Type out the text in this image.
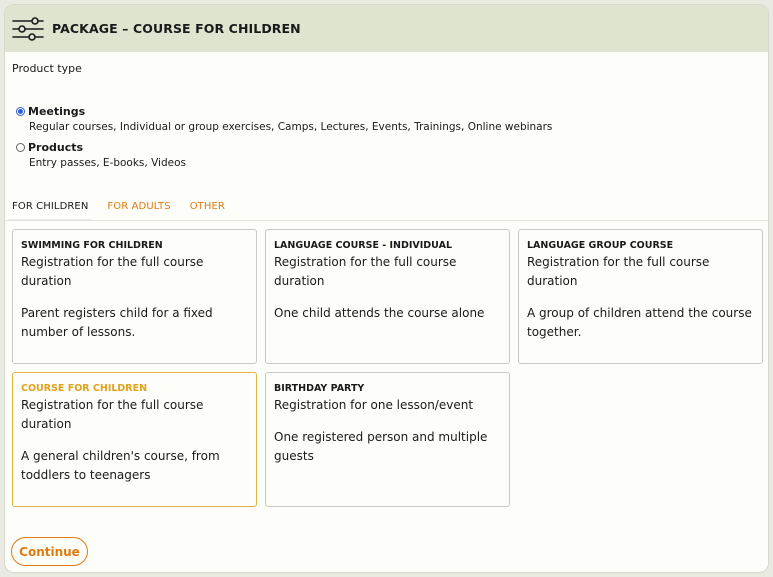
PACKAGE – COURSE FOR CHILDREN
Product type
Meetings
Regular courses, Individual or group exercises, Camps, Lectures, Events, Trainings, Online webinars
Products
Entry passes, E-books, Videos
FOR CHILDREN	FOR ADULTS	OTHER
SWIMMING FOR CHILDREN
Registration for the full course duration
Parent registers child for a fixed number of lessons.
LANGUAGE COURSE - INDIVIDUAL
Registration for the full course duration
One child attends the course alone
LANGUAGE GROUP COURSE
Registration for the full course duration
A group of children attend the course together.
COURSE FOR CHILDREN
Registration for the full course duration
A general children's course, from toddlers to teenagers
BIRTHDAY PARTY
Registration for one lesson/event
One registered person and multiple guests
Continue
